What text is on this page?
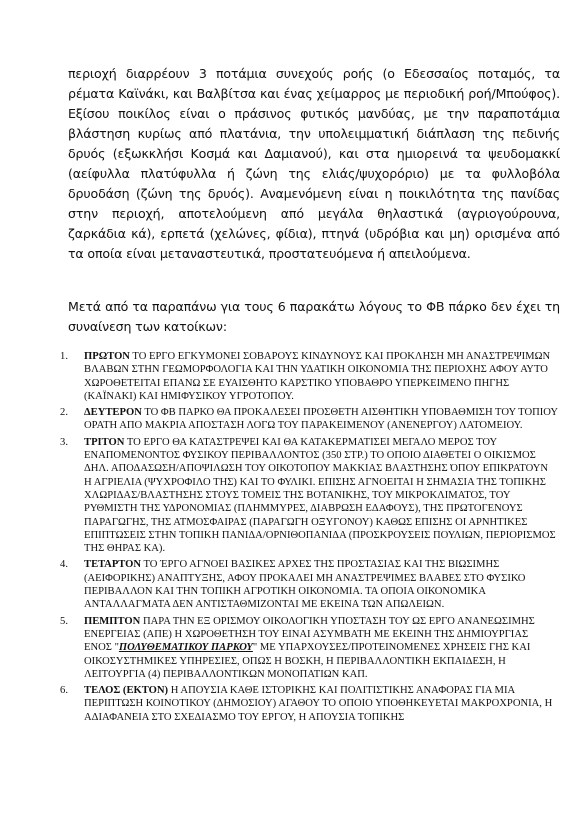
περιοχή διαρρέουν 3 ποτάμια συνεχούς ροής (ο Εδεσσαίος ποταμός, τα ρέματα Καϊνάκι, και Βαλβίτσα και ένας χείμαρρος με περιοδική ροή/Μπούφος). Εξίσου ποικίλος είναι ο πράσινος φυτικός μανδύας, με την παραποτάμια βλάστηση κυρίως από πλατάνια, την υπολειμματική διάπλαση της πεδινής δρυός (εξωκκλήσι Κοσμά και Δαμιανού), και στα ημιορεινά τα ψευδομακκί (αείφυλλα πλατύφυλλα ή ζώνη της ελιάς/ψυχορόριο) με τα φυλλοβόλα δρυοδάση (ζώνη της δρυός). Αναμενόμενη είναι η ποικιλότητα της πανίδας στην περιοχή, αποτελούμενη από μεγάλα θηλαστικά (αγριογούρουνα, ζαρκάδια κά), ερπετά (χελώνες, φίδια), πτηνά (υδρόβια και μη) ορισμένα από τα οποία είναι μεταναστευτικά, προστατευόμενα ή απειλούμενα.

Μετά από τα παραπάνω για τους 6 παρακάτω λόγους το ΦΒ πάρκο δεν έχει τη συναίνεση των κατοίκων:

1. ΠΡΩΤΟΝ ΤΟ ΕΡΓΟ ΕΓΚΥΜΟΝΕΙ ΣΟΒΑΡΟΥΣ ΚΙΝΔΥΝΟΥΣ ΚΑΙ ΠΡΟΚΛΗΣΗ ΜΗ ΑΝΑΣΤΡΕΨΙΜΩΝ ΒΛΑΒΩΝ ΣΤΗΝ ΓΕΩΜΟΡΦΟΛΟΓΙΑ ΚΑΙ ΤΗΝ ΥΔΑΤΙΚΗ ΟΙΚΟΝΟΜΙΑ ΤΗΣ ΠΕΡΙΟΧΗΣ ΑΦΟΥ ΑΥΤΟ ΧΩΡΟΘΕΤΕΙΤΑΙ ΕΠΑΝΩ ΣΕ ΕΥΑΙΣΘΗΤΟ ΚΑΡΣΤΙΚΟ ΥΠΟΒΑΘΡΟ ΥΠΕΡΚΕΙΜΕΝΟ ΠΗΓΗΣ (ΚΑΪΝΑΚΙ) ΚΑΙ ΗΜΙΦΥΣΙΚΟΥ ΥΓΡΟΤΟΠΟΥ.
2. ΔΕΥΤΕΡΟΝ ΤΟ ΦΒ ΠΑΡΚΟ ΘΑ ΠΡΟΚΑΛΕΣΕΙ ΠΡΟΣΘΕΤΗ ΑΙΣΘΗΤΙΚΗ ΥΠΟΒΑΘΜΙΣΗ ΤΟΥ ΤΟΠΙΟΥ ΟΡΑΤΗ ΑΠΟ ΜΑΚΡΙΑ ΑΠΟΣΤΑΣΗ ΛΟΓΩ ΤΟΥ ΠΑΡΑΚΕΙΜΕΝΟΥ (ΑΝΕΝΕΡΓΟΥ) ΛΑΤΟΜΕΙΟΥ.
3. ΤΡΙΤΟΝ ΤΟ ΕΡΓΟ ΘΑ ΚΑΤΑΣΤΡΕΨΕΙ ΚΑΙ ΘΑ ΚΑΤΑΚΕΡΜΑΤΙΣΕΙ ΜΕΓΑΛΟ ΜΕΡΟΣ ΤΟΥ ΕΝΑΠΟΜΕΝΟΝΤΟΣ ΦΥΣΙΚΟΥ ΠΕΡΙΒΑΛΛΟΝΤΟΣ (350 ΣΤΡ.) ΤΟ ΟΠΟΙΟ ΔΙΑΘΕΤΕΙ Ο ΟΙΚΙΣΜΟΣ ΔΗΛ. ΑΠΟΔΑΣΩΣΗ/ΑΠΟΨΙΛΩΣΗ ΤΟΥ ΟΙΚΟΤΟΠΟΥ ΜΑΚΚΙΑΣ ΒΛΑΣΤΗΣΗΣ ΌΠΟΥ ΕΠΙΚΡΑΤΟΥΝ Η ΑΓΡΙΕΛΙΑ (ΨΥΧΡΟΦΙΛΟ ΤΗΣ) ΚΑΙ ΤΟ ΦΥΛΙΚΙ. ΕΠΙΣΗΣ ΑΓΝΟΕΙΤΑΙ Η ΣΗΜΑΣΙΑ ΤΗΣ ΤΟΠΙΚΗΣ ΧΛΩΡΙΔΑΣ/ΒΛΑΣΤΗΣΗΣ ΣΤΟΥΣ ΤΟΜΕΙΣ ΤΗΣ ΒΟΤΑΝΙΚΗΣ, ΤΟΥ ΜΙΚΡΟΚΛΙΜΑΤΟΣ, ΤΟΥ ΡΥΘΜΙΣΤΗ ΤΗΣ ΥΔΡΟΝΟΜΙΑΣ (ΠΛΗΜΜΥΡΕΣ, ΔΙΑΒΡΩΣΗ ΕΔΑΦΟΥΣ), ΤΗΣ ΠΡΩΤΟΓΕΝΟΥΣ ΠΑΡΑΓΩΓΗΣ, ΤΗΣ ΑΤΜΟΣΦΑΙΡΑΣ (ΠΑΡΑΓΩΓΗ ΟΞΥΓΟΝΟΥ) ΚΑΘΩΣ ΕΠΙΣΗΣ ΟΙ ΑΡΝΗΤΙΚΕΣ ΕΠΙΠΤΩΣΕΙΣ ΣΤΗΝ ΤΟΠΙΚΗ ΠΑΝΙΔΑ/ΟΡΝΙΘΟΠΑΝΙΔΑ (ΠΡΟΣΚΡΟΥΣΕΙΣ ΠΟΥΛΙΩΝ, ΠΕΡΙΟΡΙΣΜΟΣ ΤΗΣ ΘΗΡΑΣ ΚΑ).
4. ΤΕΤΑΡΤΟΝ ΤΟ ΈΡΓΟ ΑΓΝΟΕΙ ΒΑΣΙΚΕΣ ΑΡΧΕΣ ΤΗΣ ΠΡΟΣΤΑΣΙΑΣ ΚΑΙ ΤΗΣ ΒΙΩΣΙΜΗΣ (ΑΕΙΦΟΡΙΚΗΣ) ΑΝΑΠΤΥΞΗΣ, ΑΦΟΥ ΠΡΟΚΑΛΕΙ ΜΗ ΑΝΑΣΤΡΕΨΙΜΕΣ ΒΛΑΒΕΣ ΣΤΟ ΦΥΣΙΚΟ ΠΕΡΙΒΑΛΛΟΝ ΚΑΙ ΤΗΝ ΤΟΠΙΚΗ ΑΓΡΟΤΙΚΗ ΟΙΚΟΝΟΜΙΑ. ΤΑ ΟΠΟΙΑ ΟΙΚΟΝΟΜΙΚΑ ΑΝΤΑΛΛΑΓΜΑΤΑ ΔΕΝ ΑΝΤΙΣΤΑΘΜΙΖΟΝΤΑΙ ΜΕ ΕΚΕΙΝΑ ΤΩΝ ΑΠΩΛΕΙΩΝ.
5. ΠΕΜΠΤΟΝ ΠΑΡΑ ΤΗΝ ΕΞ ΟΡΙΣΜΟΥ ΟΙΚΟΛΟΓΙΚΗ ΥΠΟΣΤΑΣΗ ΤΟΥ ΩΣ ΕΡΓΟ ΑΝΑΝΕΩΣΙΜΗΣ ΕΝΕΡΓΕΙΑΣ (ΑΠΕ) Η ΧΩΡΟΘΕΤΗΣΗ ΤΟΥ ΕΙΝΑΙ ΑΣΥΜΒΑΤΗ ΜΕ ΕΚΕΙΝΗ ΤΗΣ ΔΗΜΙΟΥΡΓΙΑΣ ΕΝΟΣ "ΠΟΛΥΘΕΜΑΤΙΚΟΥ ΠΑΡΚΟΥ" ΜΕ ΥΠΑΡΧΟΥΣΕΣ/ΠΡΟΤΕΙΝΟΜΕΝΕΣ ΧΡΗΣΕΙΣ ΓΗΣ ΚΑΙ ΟΙΚΟΣΥΣΤΗΜΙΚΕΣ ΥΠΗΡΕΣΙΕΣ, ΟΠΩΣ Η ΒΟΣΚΗ, Η ΠΕΡΙΒΑΛΛΟΝΤΙΚΗ ΕΚΠΑΙΔΕΣΗ, Η ΛΕΙΤΟΥΡΓΙΑ (4) ΠΕΡΙΒΑΛΛΟΝΤΙΚΩΝ ΜΟΝΟΠΑΤΙΩΝ ΚΑΠ.
6. ΤΕΛΟΣ (ΕΚΤΟΝ) Η ΑΠΟΥΣΙΑ ΚΑΘΕ ΙΣΤΟΡΙΚΗΣ ΚΑΙ ΠΟΛΙΤΙΣΤΙΚΗΣ ΑΝΑΦΟΡΑΣ ΓΙΑ ΜΙΑ ΠΕΡΙΠΤΩΣΗ ΚΟΙΝΟΤΙΚΟΥ (ΔΗΜΟΣΙΟΥ) ΑΓΑΘΟΥ ΤΟ ΟΠΟΙΟ ΥΠΟΘΗΚΕΥΕΤΑΙ ΜΑΚΡΟΧΡΟΝΙΑ, Η ΑΔΙΑΦΑΝΕΙΑ ΣΤΟ ΣΧΕΔΙΑΣΜΟ ΤΟΥ ΕΡΓΟΥ, Η ΑΠΟΥΣΙΑ ΤΟΠΙΚΗΣ
